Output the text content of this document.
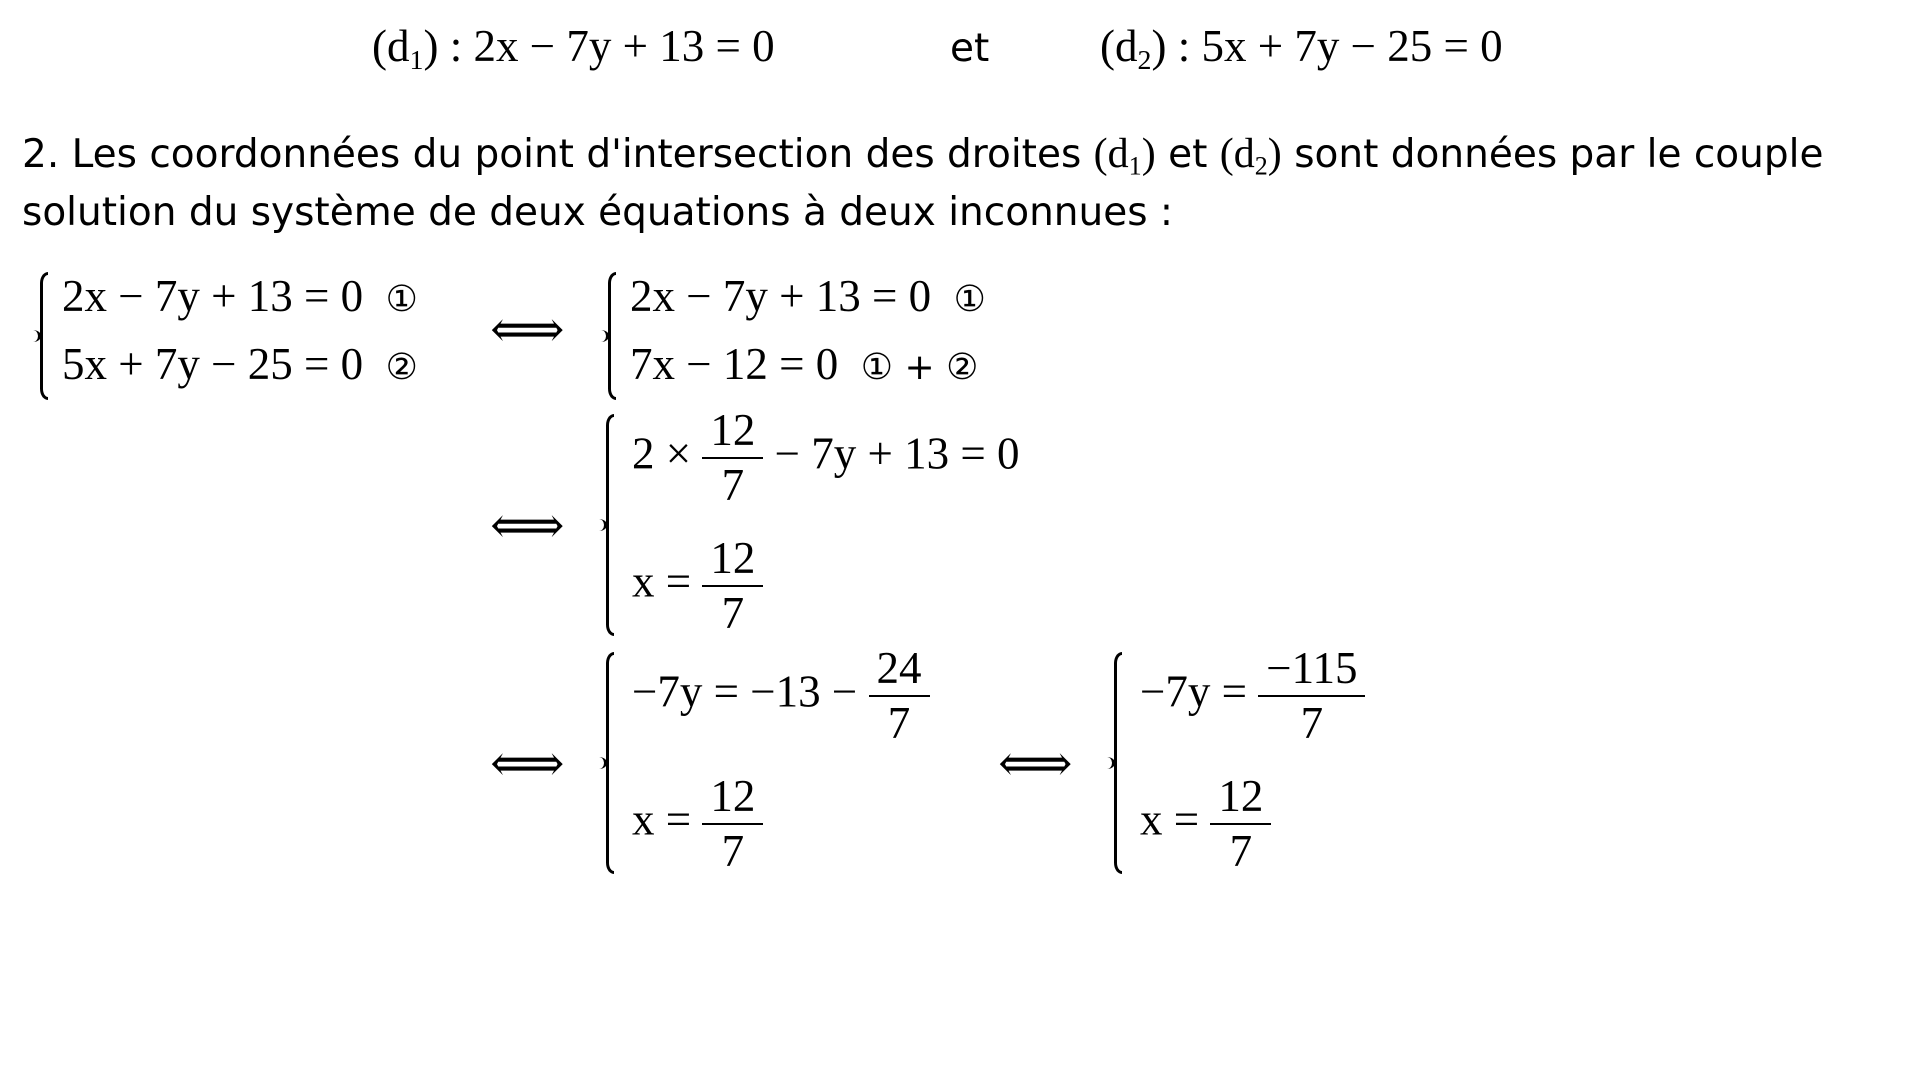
$(d_1)$ : 2x − 7y + 13 = 0	et $(d_2)$ : 5x + 7y − 25 = 0
2. Les coordonnées du point d'intersection des droites $(d_1)$ et $(d_2)$ sont données par le couple
solution du système de deux équations à deux inconnues :
2x − 7y + 13 = 0 ①
5x + 7y − 25 = 0 ②
⟺
2x − 7y + 13 = 0 ①
7x − 12 = 0 ① + ②
⟺
$2 \times \frac{12}{7} - 7y + 13 = 0$
$x = \frac{12}{7}$
⟺
$-7y = -13 - \frac{24}{7}$
$x = \frac{12}{7}$
⟺
$-7y = \frac{-115}{7}$
$x = \frac{12}{7}$
